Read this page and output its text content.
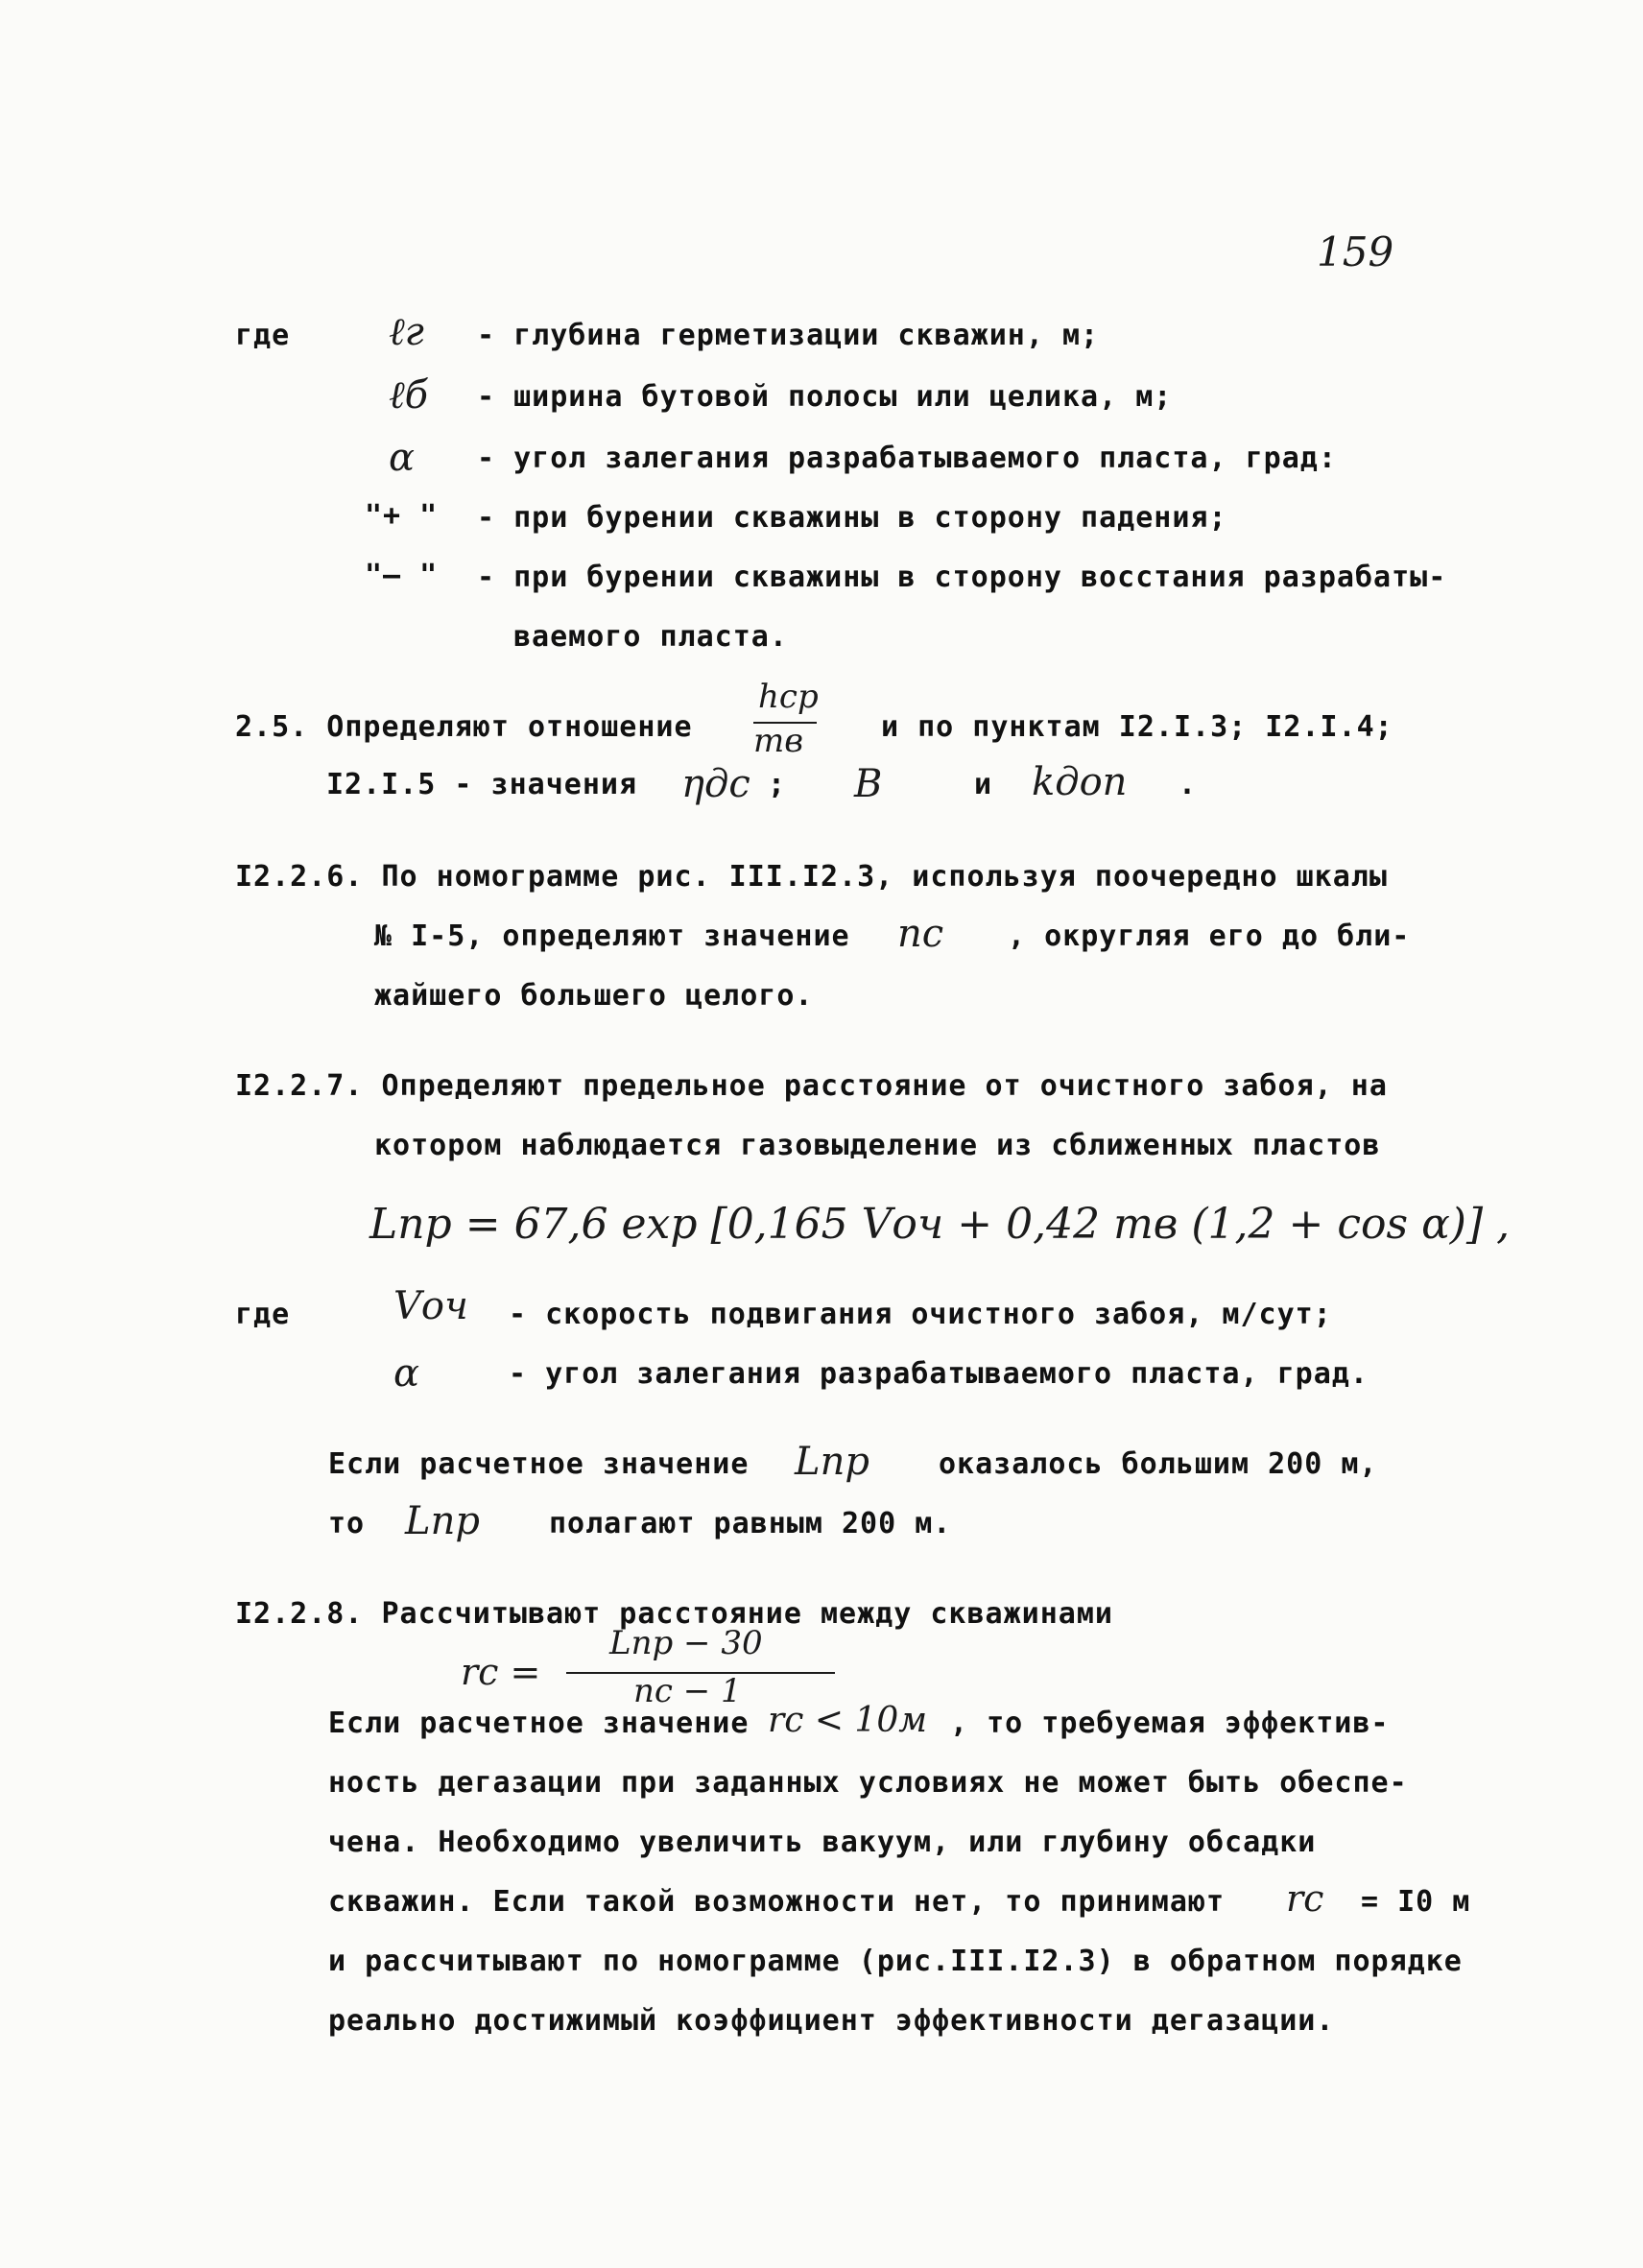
159
где	ℓг - глубина герметизации скважин, м;
ℓб - ширина бутовой полосы или целика, м;
α - угол залегания разрабатываемого пласта, град:
"+ " - при бурении скважины в сторону падения;
"– " - при бурении скважины в сторону восстания разрабаты-
ваемого пласта.
2.5. Определяют отношение
hср
mв	и по пунктам I2.I.3; I2.I.4;
I2.I.5 - значения ηдс ; B	и kдоп .
I2.2.6. По номограмме рис. III.I2.3, используя поочередно шкалы
№ I-5, определяют значение nс , округляя его до бли-
жайшего большего целого.
I2.2.7. Определяют предельное расстояние от очистного забоя, на
котором наблюдается газовыделение из сближенных пластов
Lпр = 67,6 exp [0,165 Vоч + 0,42 mв (1,2 + cos α)] ,
где	Vоч - скорость подвигания очистного забоя, м/сут;
α	- угол залегания разрабатываемого пласта, град.
Если расчетное значение Lпр оказалось большим 200 м,
то Lпр полагают равным 200 м.
I2.2.8. Рассчитывают расстояние между скважинами
rс =
Lпр − 30
nс − 1
Если расчетное значение rс < 10м , то требуемая эффектив-
ность дегазации при заданных условиях не может быть обеспе-
чена. Необходимо увеличить вакуум, или глубину обсадки
скважин. Если такой возможности нет, то принимают rс = I0 м
и рассчитывают по номограмме (рис.III.I2.3) в обратном порядке
реально достижимый коэффициент эффективности дегазации.
